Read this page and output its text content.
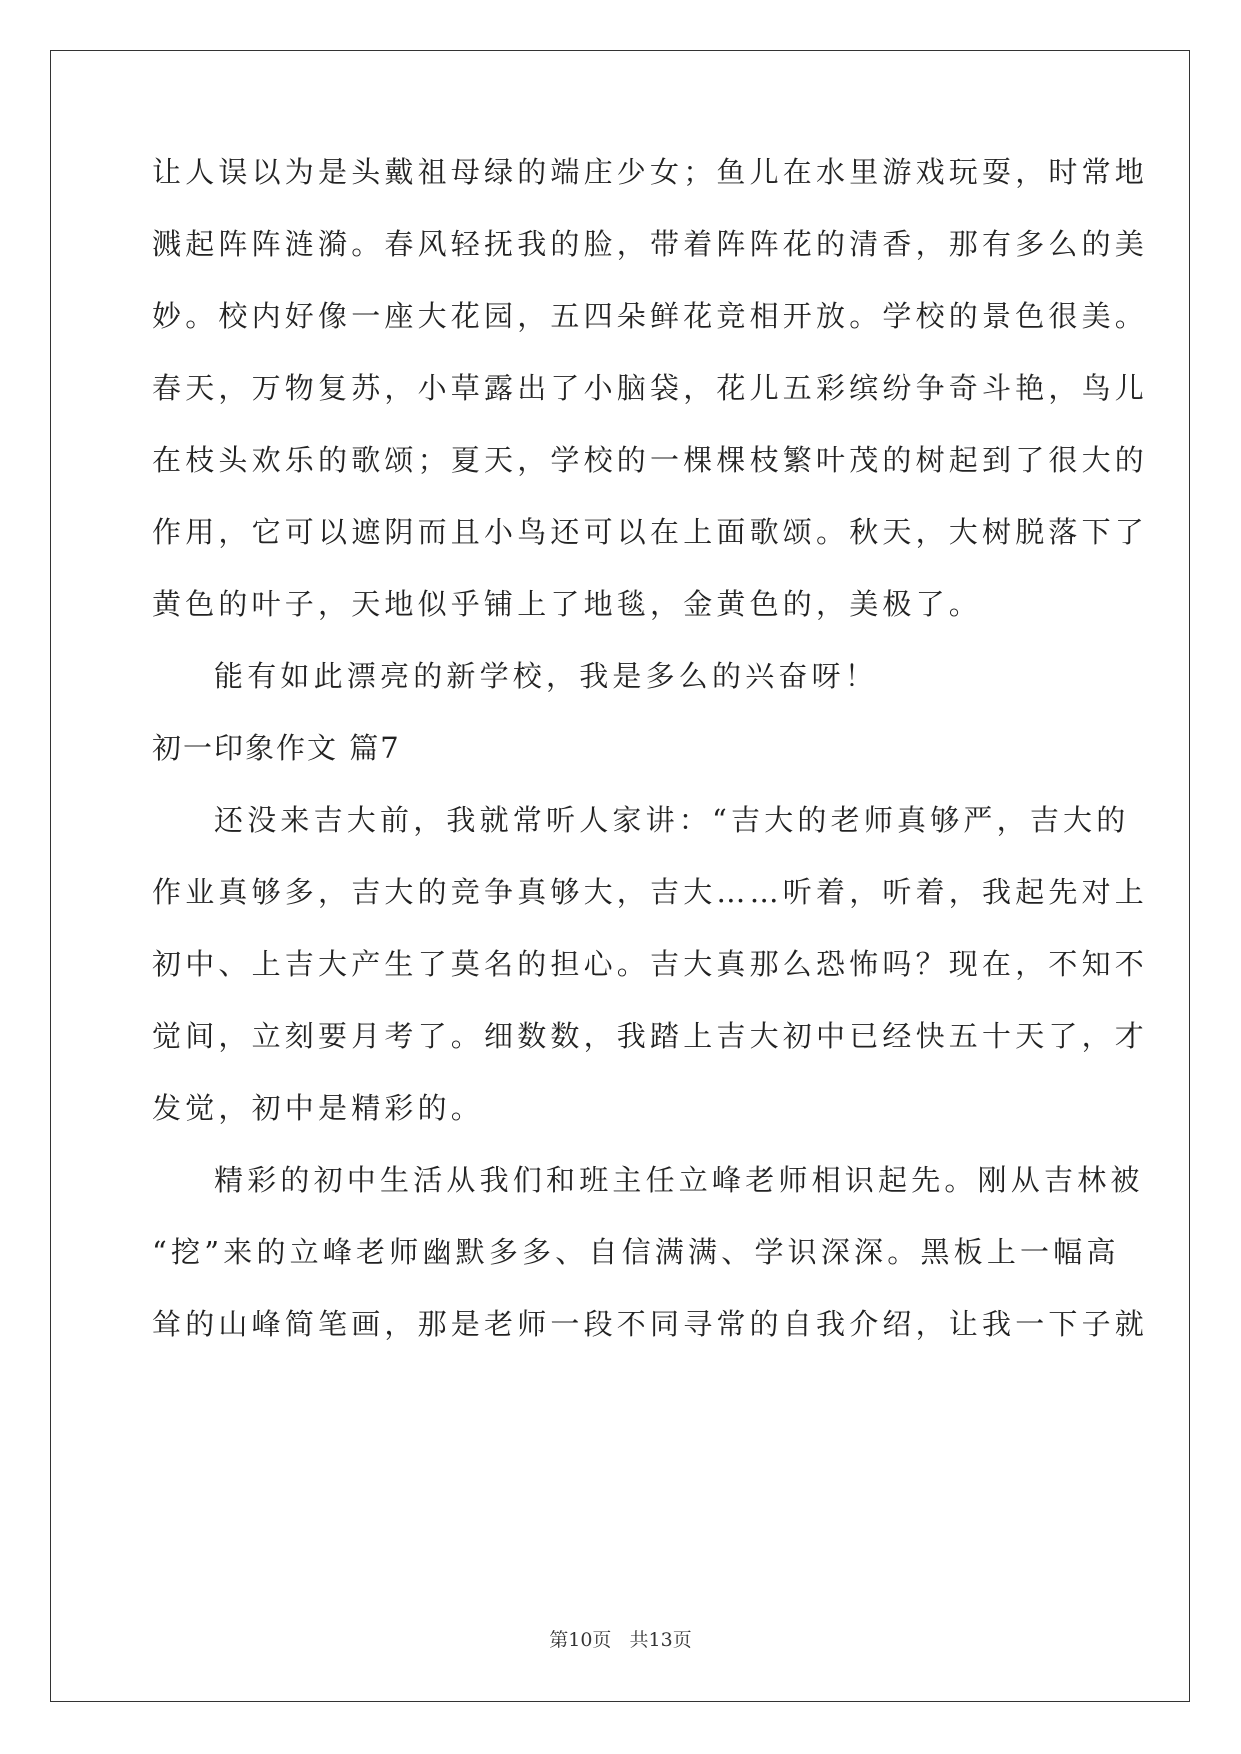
让人误以为是头戴祖母绿的端庄少女；鱼儿在水里游戏玩耍，时常地
溅起阵阵涟漪。春风轻抚我的脸，带着阵阵花的清香，那有多么的美
妙。校内好像一座大花园，五四朵鲜花竞相开放。学校的景色很美。
春天，万物复苏，小草露出了小脑袋，花儿五彩缤纷争奇斗艳，鸟儿
在枝头欢乐的歌颂；夏天，学校的一棵棵枝繁叶茂的树起到了很大的
作用，它可以遮阴而且小鸟还可以在上面歌颂。秋天，大树脱落下了
黄色的叶子，天地似乎铺上了地毯，金黄色的，美极了。
能有如此漂亮的新学校，我是多么的兴奋呀！
初一印象作文 篇7
还没来吉大前，我就常听人家讲：“吉大的老师真够严，吉大的
作业真够多，吉大的竞争真够大，吉大……听着，听着，我起先对上
初中、上吉大产生了莫名的担心。吉大真那么恐怖吗？现在，不知不
觉间，立刻要月考了。细数数，我踏上吉大初中已经快五十天了，才
发觉，初中是精彩的。
精彩的初中生活从我们和班主任立峰老师相识起先。刚从吉林被
“挖”来的立峰老师幽默多多、自信满满、学识深深。黑板上一幅高
耸的山峰简笔画，那是老师一段不同寻常的自我介绍，让我一下子就
第10页   共13页
